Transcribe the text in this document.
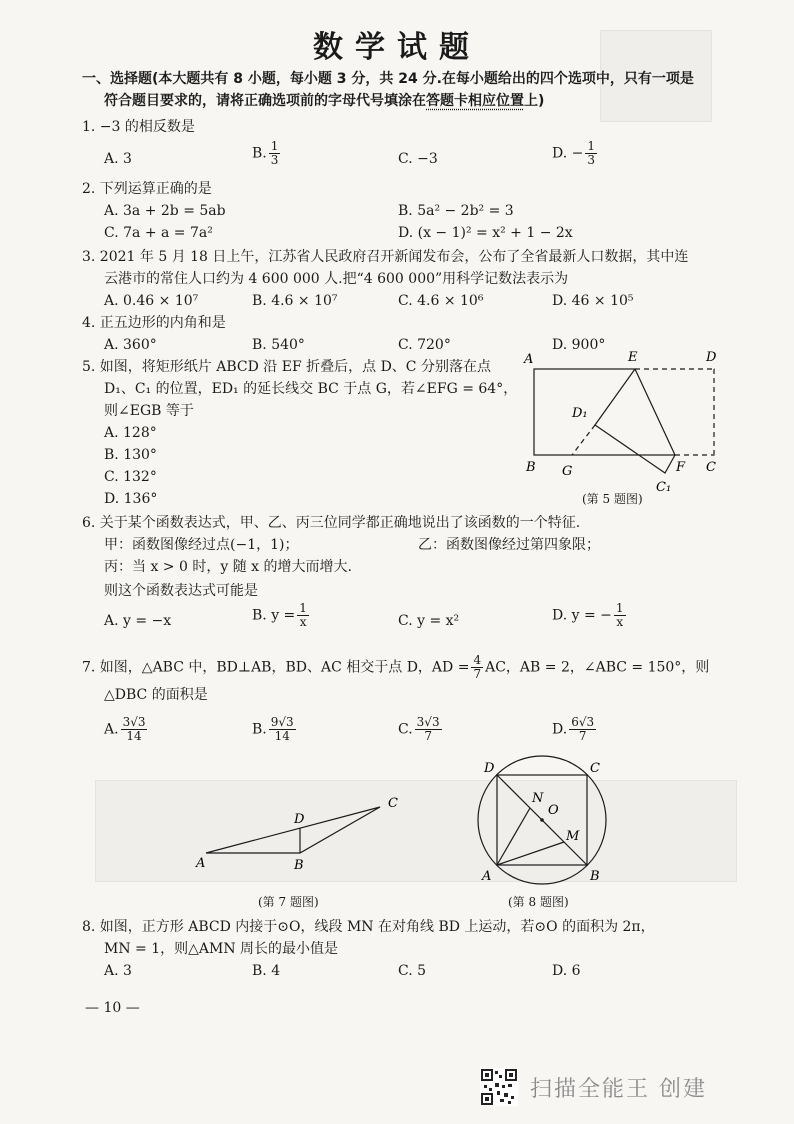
数学试题
一、选择题(本大题共有 8 小题，每小题 3 分，共 24 分.在每小题给出的四个选项中，只有一项是
符合题目要求的，请将正确选项前的字母代号填涂在答题卡相应位置上)
1. −3 的相反数是
A. 3	B. $\frac{1}{3}$	C. −3	D. − $\frac{1}{3}$
2. 下列运算正确的是
A. 3a + 2b = 5ab	B. 5a² − 2b² = 3
C. 7a + a = 7a²	D. (x − 1)² = x² + 1 − 2x
3. 2021 年 5 月 18 日上午，江苏省人民政府召开新闻发布会，公布了全省最新人口数据，其中连
云港市的常住人口约为 4 600 000 人.把“4 600 000”用科学记数法表示为
A. 0.46 × 10⁷	B. 4.6 × 10⁷	C. 4.6 × 10⁶	D. 46 × 10⁵
4. 正五边形的内角和是
A. 360°	B. 540°	C. 720°	D. 900°
5. 如图，将矩形纸片 ABCD 沿 EF 折叠后，点 D、C 分别落在点
D₁、C₁ 的位置，ED₁ 的延长线交 BC 于点 G，若∠EFG = 64°，
则∠EGB 等于
A. 128°
B. 130°
C. 132°
D. 136°
A	E	D
D₁
B G	F C
C₁
(第 5 题图)
6. 关于某个函数表达式，甲、乙、丙三位同学都正确地说出了该函数的一个特征.
甲：函数图像经过点(−1，1)；	乙：函数图像经过第四象限；
丙：当 x > 0 时，y 随 x 的增大而增大.
则这个函数表达式可能是
A. y = −x	B. $y = \frac{1}{x}$	C. y = x²	D. y = − $\frac{1}{x}$
7. 如图，△ABC 中，BD⊥AB，BD、AC 相交于点 D，AD = $\frac{4}{7}$ AC，AB = 2，∠ABC = 150°，则
△DBC 的面积是
A. $\frac{3√3}{14}$	B. $\frac{9√3}{14}$	C. $\frac{3√3}{7}$	D. $\frac{6√3}{7}$
A	B
C
D
(第 7 题图)
A	B
C
D
N
O
M
(第 8 题图)
8. 如图，正方形 ABCD 内接于⊙O，线段 MN 在对角线 BD 上运动，若⊙O 的面积为 2π，
MN = 1，则△AMN 周长的最小值是
A. 3	B. 4	C. 5	D. 6
— 10 —
扫描全能王 创建
